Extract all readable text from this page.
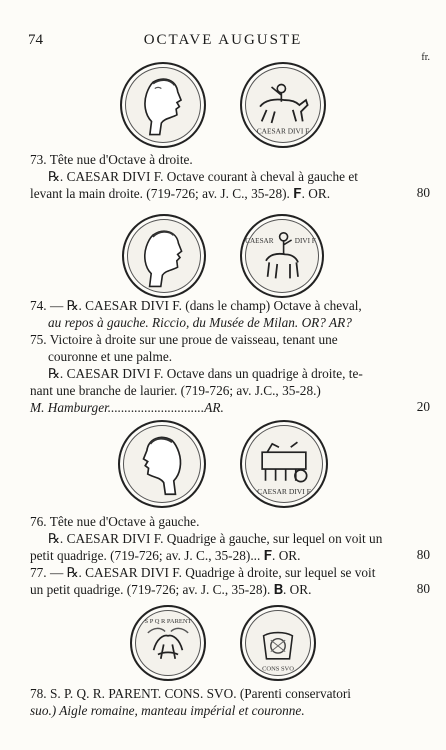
74	OCTAVE AUGUSTE
fr.
CAESAR DIVI F
73. Tête nue d'Octave à droite.
℞. CAESAR DIVI F. Octave courant à cheval à gauche et
levant la main droite. (719-726; av. J. C., 35-28). 𝐅. OR.	80
CAESAR DIVI F
74. — ℞. CAESAR DIVI F. (dans le champ) Octave à cheval,
au repos à gauche. Riccio, du Musée de Milan. OR? AR?
75. Victoire à droite sur une proue de vaisseau, tenant une
couronne et une palme.
℞. CAESAR DIVI F. Octave dans un quadrige à droite, te-
nant une branche de laurier. (719-726; av. J.C., 35-28.)
M. Hamburger.............................AR.	20
CAESAR DIVI F
76. Tête nue d'Octave à gauche.
℞. CAESAR DIVI F. Quadrige à gauche, sur lequel on voit un
petit quadrige. (719-726; av. J. C., 35-28)... 𝐅. OR.	80
77. — ℞. CAESAR DIVI F. Quadrige à droite, sur lequel se voit
un petit quadrige. (719-726; av. J. C., 35-28). 𝐁. OR.	80
S P Q R PARENT
CONS SVO
78. S. P. Q. R. PARENT. CONS. SVO. (Parenti conservatori
suo.) Aigle romaine, manteau impérial et couronne.
